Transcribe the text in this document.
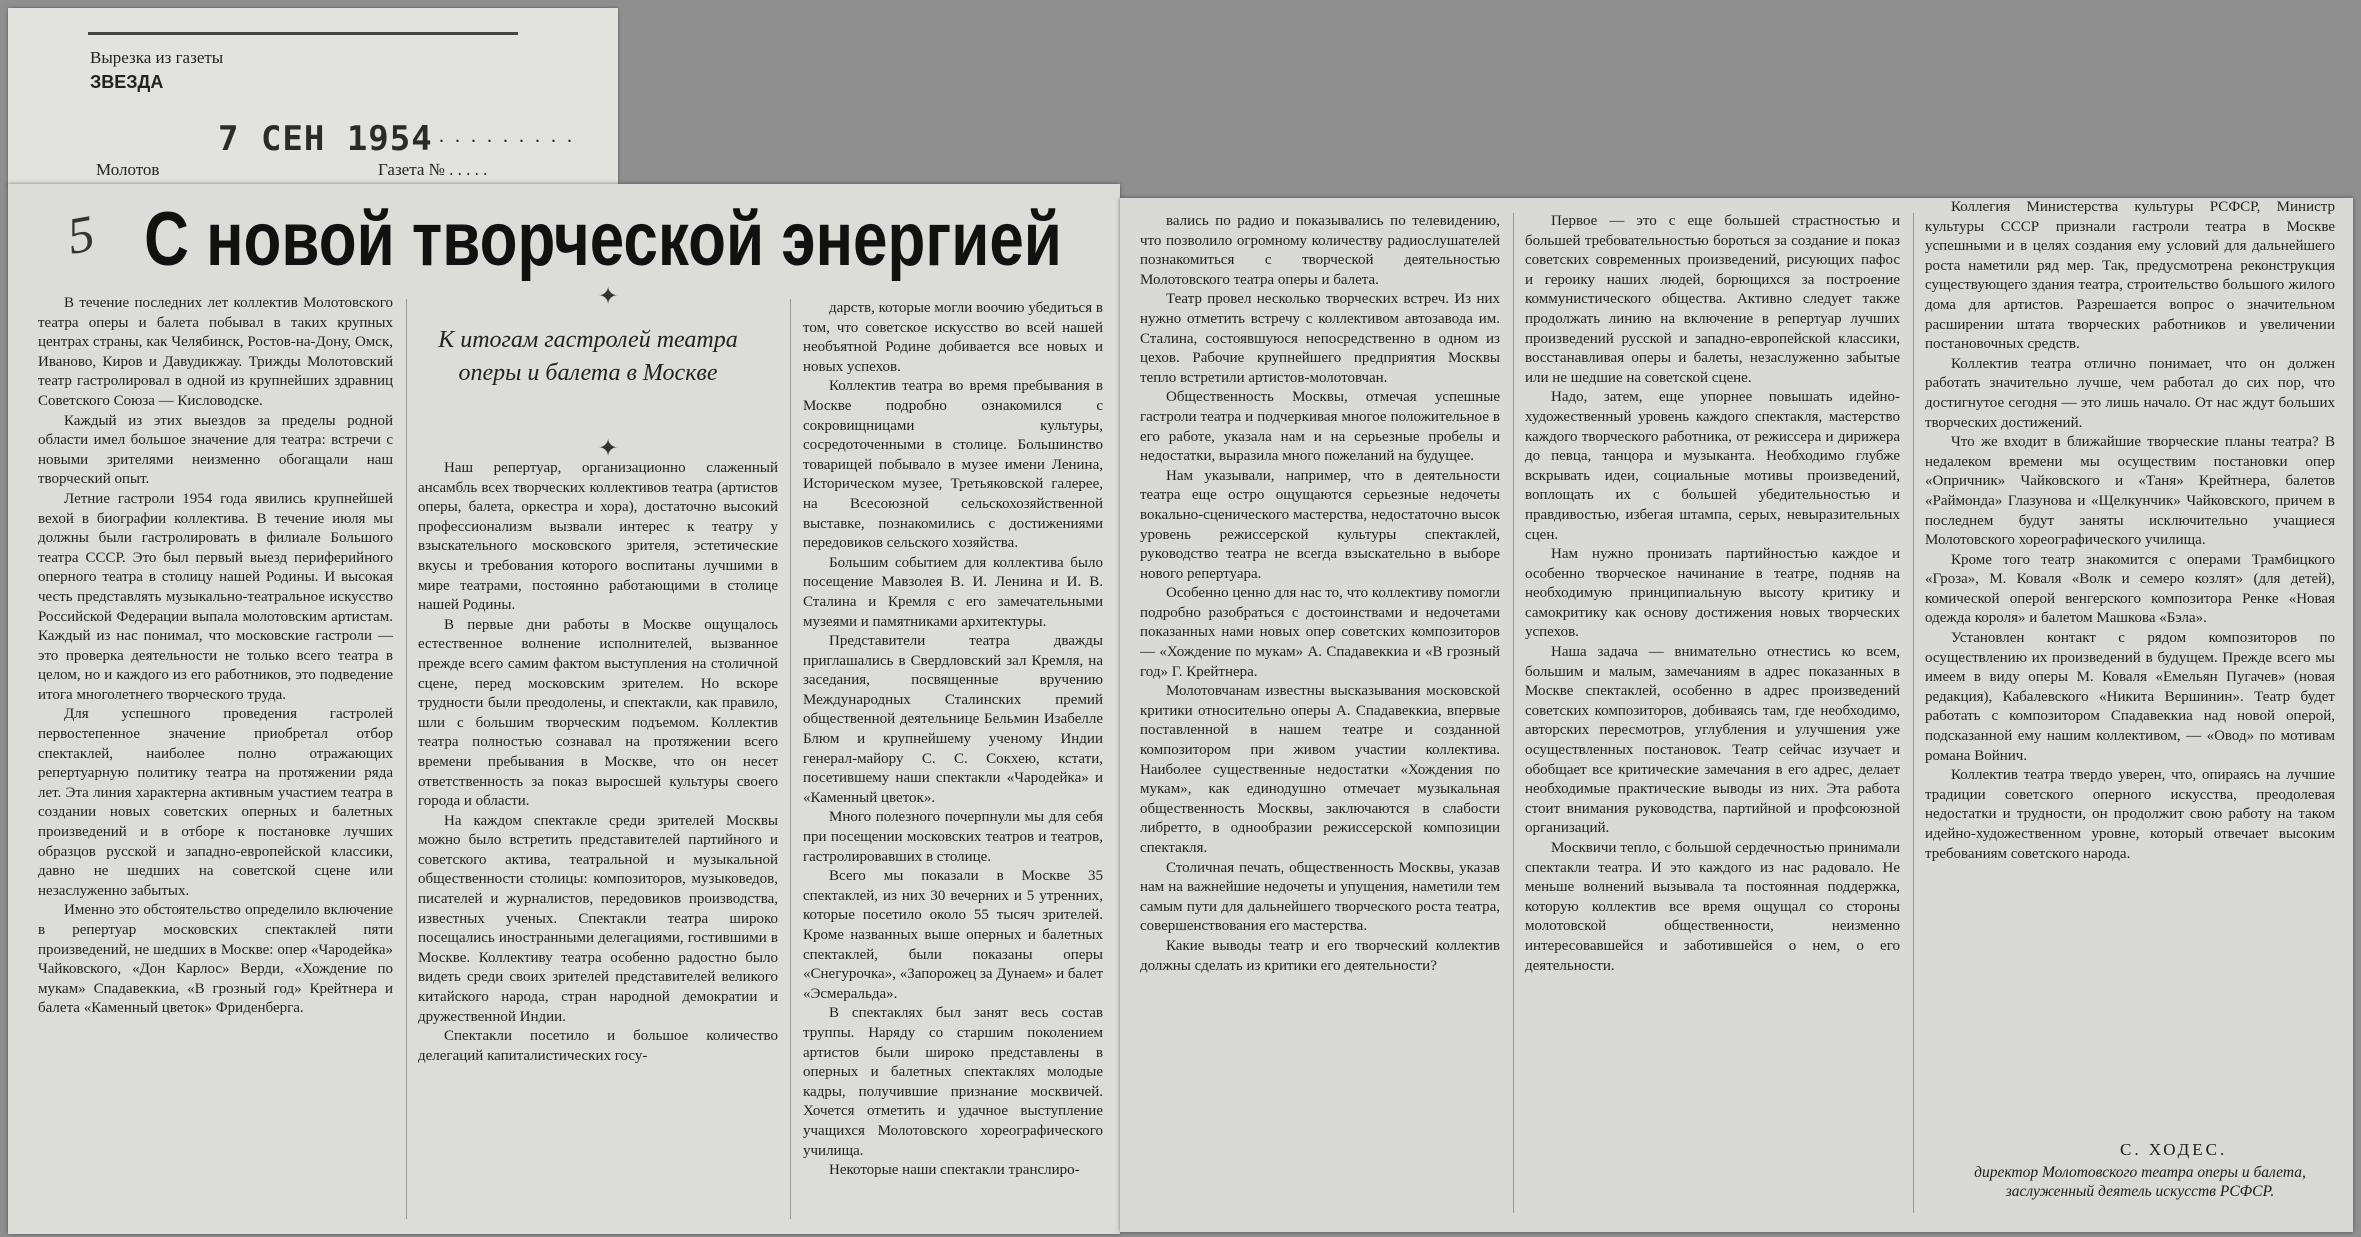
Вырезка из газеты
ЗВЕЗДА
7 СЕН 1954
. . . . . . . . . .
Молотов	Газета № . . . . .
5 С новой творческой энергией
✦
К итогам гастролей театра оперы и балета в Москве
✦

В течение последних лет коллектив Молотовского театра оперы и балета побывал в таких крупных центрах страны, как Челябинск, Ростов-на-Дону, Омск, Иваново, Киров и Давудикжау. Трижды Молотовский театр гастролировал в одной из крупнейших здравниц Советского Союза — Кисловодске.

Каждый из этих выездов за пределы родной области имел большое значение для театра: встречи с новыми зрителями неизменно обогащали наш творческий опыт.

Летние гастроли 1954 года явились крупнейшей вехой в биографии коллектива. В течение июля мы должны были гастролировать в филиале Большого театра СССР. Это был первый выезд периферийного оперного театра в столицу нашей Родины. И высокая честь представлять музыкально-театральное искусство Российской Федерации выпала молотовским артистам. Каждый из нас понимал, что московские гастроли — это проверка деятельности не только всего театра в целом, но и каждого из его работников, это подведение итога многолетнего творческого труда.

Для успешного проведения гастролей первостепенное значение приобретал отбор спектаклей, наиболее полно отражающих репертуарную политику театра на протяжении ряда лет. Эта линия характерна активным участием театра в создании новых советских оперных и балетных произведений и в отборе к постановке лучших образцов русской и западно-европейской классики, давно не шедших на советской сцене или незаслуженно забытых.

Именно это обстоятельство определило включение в репертуар московских спектаклей пяти произведений, не шедших в Москве: опер «Чародейка» Чайковского, «Дон Карлос» Верди, «Хождение по мукам» Спадавеккиа, «В грозный год» Крейтнера и балета «Каменный цветок» Фриденберга.

Наш репертуар, организационно слаженный ансамбль всех творческих коллективов театра (артистов оперы, балета, оркестра и хора), достаточно высокий профессионализм вызвали интерес к театру у взыскательного московского зрителя, эстетические вкусы и требования которого воспитаны лучшими в мире театрами, постоянно работающими в столице нашей Родины.

В первые дни работы в Москве ощущалось естественное волнение исполнителей, вызванное прежде всего самим фактом выступления на столичной сцене, перед московским зрителем. Но вскоре трудности были преодолены, и спектакли, как правило, шли с большим творческим подъемом. Коллектив театра полностью сознавал на протяжении всего времени пребывания в Москве, что он несет ответственность за показ выросшей культуры своего города и области.

На каждом спектакле среди зрителей Москвы можно было встретить представителей партийного и советского актива, театральной и музыкальной общественности столицы: композиторов, музыковедов, писателей и журналистов, передовиков производства, известных ученых. Спектакли театра широко посещались иностранными делегациями, гостившими в Москве. Коллективу театра особенно радостно было видеть среди своих зрителей представителей великого китайского народа, стран народной демократии и дружественной Индии.

Спектакли посетило и большое количество делегаций капиталистических госу-

дарств, которые могли воочию убедиться в том, что советское искусство во всей нашей необъятной Родине добивается все новых и новых успехов.

Коллектив театра во время пребывания в Москве подробно ознакомился с сокровищницами культуры, сосредоточенными в столице. Большинство товарищей побывало в музее имени Ленина, Историческом музее, Третьяковской галерее, на Всесоюзной сельскохозяйственной выставке, познакомились с достижениями передовиков сельского хозяйства.

Большим событием для коллектива было посещение Мавзолея В. И. Ленина и И. В. Сталина и Кремля с его замечательными музеями и памятниками архитектуры.

Представители театра дважды приглашались в Свердловский зал Кремля, на заседания, посвященные вручению Международных Сталинских премий общественной деятельнице Бельмин Изабелле Блюм и крупнейшему ученому Индии генерал-майору С. С. Сокхею, кстати, посетившему наши спектакли «Чародейка» и «Каменный цветок».

Много полезного почерпнули мы для себя при посещении московских театров и театров, гастролировавших в столице.

Всего мы показали в Москве 35 спектаклей, из них 30 вечерних и 5 утренних, которые посетило около 55 тысяч зрителей. Кроме названных выше оперных и балетных спектаклей, были показаны оперы «Снегурочка», «Запорожец за Дунаем» и балет «Эсмеральда».

В спектаклях был занят весь состав труппы. Наряду со старшим поколением артистов были широко представлены в оперных и балетных спектаклях молодые кадры, получившие признание москвичей. Хочется отметить и удачное выступление учащихся Молотовского хореографического училища.

Некоторые наши спектакли транслиро-

вались по радио и показывались по телевидению, что позволило огромному количеству радиослушателей познакомиться с творческой деятельностью Молотовского театра оперы и балета.

Театр провел несколько творческих встреч. Из них нужно отметить встречу с коллективом автозавода им. Сталина, состоявшуюся непосредственно в одном из цехов. Рабочие крупнейшего предприятия Москвы тепло встретили артистов-молотовчан.

Общественность Москвы, отмечая успешные гастроли театра и подчеркивая многое положительное в его работе, указала нам и на серьезные пробелы и недостатки, выразила много пожеланий на будущее.

Нам указывали, например, что в деятельности театра еще остро ощущаются серьезные недочеты вокально-сценического мастерства, недостаточно высок уровень режиссерской культуры спектаклей, руководство театра не всегда взыскательно в выборе нового репертуара.

Особенно ценно для нас то, что коллективу помогли подробно разобраться с достоинствами и недочетами показанных нами новых опер советских композиторов — «Хождение по мукам» А. Спадавеккиа и «В грозный год» Г. Крейтнера.

Молотовчанам известны высказывания московской критики относительно оперы А. Спадавеккиа, впервые поставленной в нашем театре и созданной композитором при живом участии коллектива. Наиболее существенные недостатки «Хождения по мукам», как единодушно отмечает музыкальная общественность Москвы, заключаются в слабости либретто, в однообразии режиссерской композиции спектакля.

Столичная печать, общественность Москвы, указав нам на важнейшие недочеты и упущения, наметили тем самым пути для дальнейшего творческого роста театра, совершенствования его мастерства.

Какие выводы театр и его творческий коллектив должны сделать из критики его деятельности?

Первое — это с еще большей страстностью и большей требовательностью бороться за создание и показ советских современных произведений, рисующих пафос и героику наших людей, борющихся за построение коммунистического общества. Активно следует также продолжать линию на включение в репертуар лучших произведений русской и западно-европейской классики, восстанавливая оперы и балеты, незаслуженно забытые или не шедшие на советской сцене.

Надо, затем, еще упорнее повышать идейно-художественный уровень каждого спектакля, мастерство каждого творческого работника, от режиссера и дирижера до певца, танцора и музыканта. Необходимо глубже вскрывать идеи, социальные мотивы произведений, воплощать их с большей убедительностью и правдивостью, избегая штампа, серых, невыразительных сцен.

Нам нужно пронизать партийностью каждое и особенно творческое начинание в театре, подняв на необходимую принципиальную высоту критику и самокритику как основу достижения новых творческих успехов.

Наша задача — внимательно отнестись ко всем, большим и малым, замечаниям в адрес показанных в Москве спектаклей, особенно в адрес произведений советских композиторов, добиваясь там, где необходимо, авторских пересмотров, углубления и улучшения уже осуществленных постановок. Театр сейчас изучает и обобщает все критические замечания в его адрес, делает необходимые практические выводы из них. Эта работа стоит внимания руководства, партийной и профсоюзной организаций.

Москвичи тепло, с большой сердечностью принимали спектакли театра. И это каждого из нас радовало. Не меньше волнений вызывала та постоянная поддержка, которую коллектив все время ощущал со стороны молотовской общественности, неизменно интересовавшейся и заботившейся о нем, о его деятельности.

Коллегия Министерства культуры РСФСР, Министр культуры СССР признали гастроли театра в Москве успешными и в целях создания ему условий для дальнейшего роста наметили ряд мер. Так, предусмотрена реконструкция существующего здания театра, строительство большого жилого дома для артистов. Разрешается вопрос о значительном расширении штата творческих работников и увеличении постановочных средств.

Коллектив театра отлично понимает, что он должен работать значительно лучше, чем работал до сих пор, что достигнутое сегодня — это лишь начало. От нас ждут больших творческих достижений.

Что же входит в ближайшие творческие планы театра? В недалеком времени мы осуществим постановки опер «Опричник» Чайковского и «Таня» Крейтнера, балетов «Раймонда» Глазунова и «Щелкунчик» Чайковского, причем в последнем будут заняты исключительно учащиеся Молотовского хореографического училища.

Кроме того театр знакомится с операми Трамбицкого «Гроза», М. Коваля «Волк и семеро козлят» (для детей), комической оперой венгерского композитора Ренке «Новая одежда короля» и балетом Машкова «Бэла».

Установлен контакт с рядом композиторов по осуществлению их произведений в будущем. Прежде всего мы имеем в виду оперы М. Коваля «Емельян Пугачев» (новая редакция), Кабалевского «Никита Вершинин». Театр будет работать с композитором Спадавеккиа над новой оперой, подсказанной ему нашим коллективом, — «Овод» по мотивам романа Войнич.

Коллектив театра твердо уверен, что, опираясь на лучшие традиции советского оперного искусства, преодолевая недостатки и трудности, он продолжит свою работу на таком идейно-художественном уровне, который отвечает высоким требованиям советского народа.

С. ХОДЕС.
директор Молотовского театра оперы и балета, заслуженный деятель искусств РСФСР.
